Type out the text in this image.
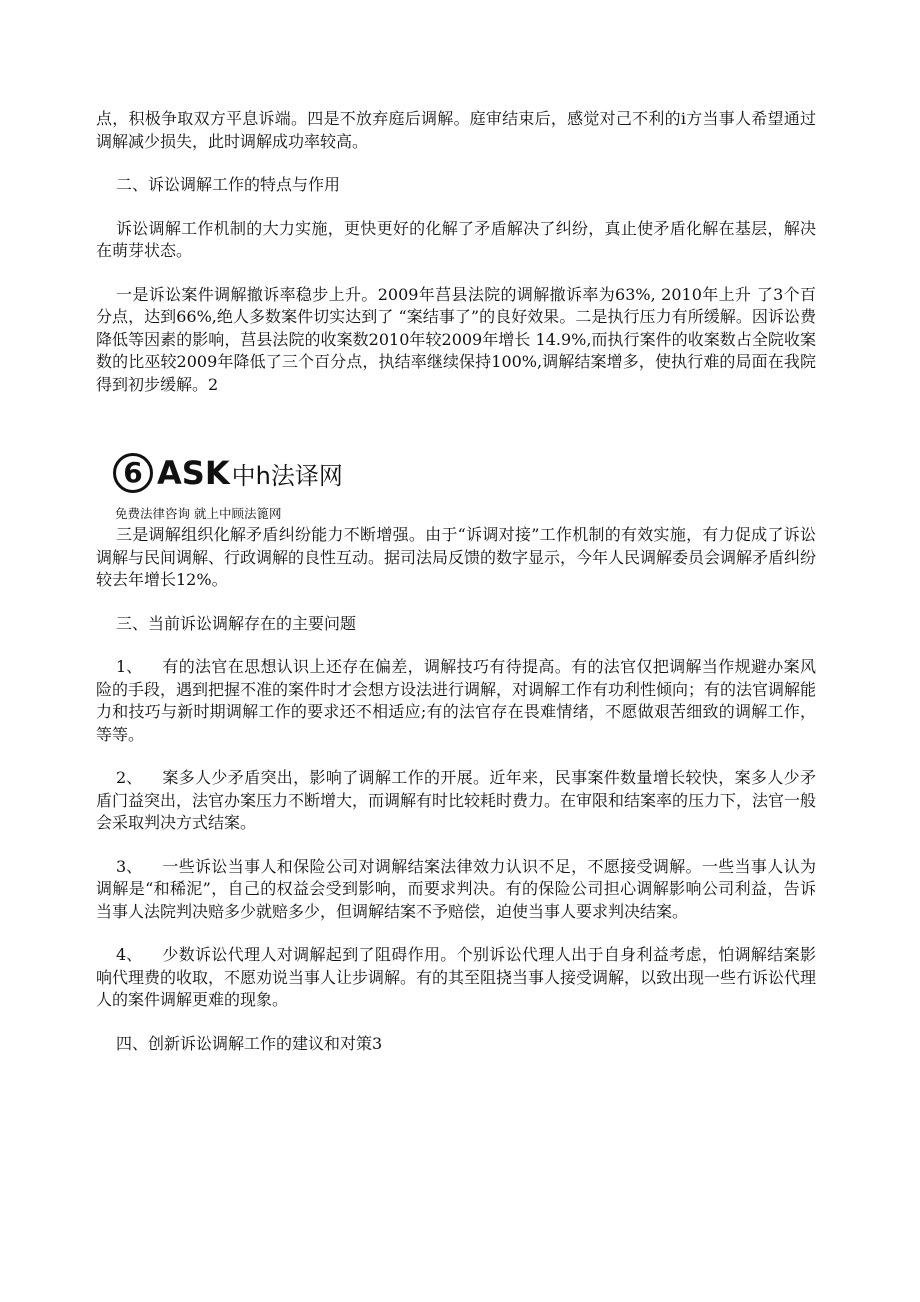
点，积极争取双方平息诉端。四是不放弃庭后调解。庭审结束后，感觉对己不利的i方当事人希望通过调解减少损失，此时调解成功率较高。

二、诉讼调解工作的特点与作用

诉讼调解工作机制的大力实施，更快更好的化解了矛盾解决了纠纷，真止使矛盾化解在基层，解决在萌芽状态。

一是诉讼案件调解撤诉率稳步上升。2009年莒县法院的调解撤诉率为63%, 2010年上升 了3个百分点，达到66%,绝人多数案件切实达到了 “案结事了”的良好效果。二是执行压力有所缓解。因诉讼费降低等因素的影响，莒县法院的收案数2010年较2009年增长 14.9%,而执行案件的收案数占全院收案数的比巫较2009年降低了三个百分点，执结率继续保持100%,调解结案增多，使执行难的局面在我院得到初步缓解。2

三是调解组织化解矛盾纠纷能力不断增强。由于“诉调对接”工作机制的有效实施，有力促成了诉讼调解与民间调解、行政调解的良性互动。据司法局反馈的数字显示，今年人民调解委员会调解矛盾纠纷较去年增长12%。

三、当前诉讼调解存在的主要问题

1、 有的法官在思想认识上还存在偏差，调解技巧有待提高。有的法官仅把调解当作规避办案风险的手段，遇到把握不准的案件时才会想方设法进行调解，对调解工作有功利性倾向；有的法官调解能力和技巧与新时期调解工作的要求还不相适应;有的法官存在畏难情绪，不愿做艰苦细致的调解工作，等等。

2、 案多人少矛盾突出，影响了调解工作的开展。近年来，民事案件数量增长较快，案多人少矛盾门益突出，法官办案压力不断增大，而调解有时比较耗时费力。在审限和结案率的压力下，法官一般会采取判决方式结案。

3、 一些诉讼当事人和保险公司对调解结案法律效力认识不足，不愿接受调解。一些当事人认为调解是“和稀泥”，自己的权益会受到影响，而要求判决。有的保险公司担心调解影响公司利益，告诉当事人法院判决赔多少就赔多少，但调解结案不予赔偿，迫使当事人要求判决结案。

4、 少数诉讼代理人对调解起到了阻碍作用。个别诉讼代理人出于自身利益考虑，怕调解结案影响代理费的收取，不愿劝说当事人让步调解。有的其至阻挠当事人接受调解，以致出现一些冇诉讼代理人的案件调解更难的现象。

四、创新诉讼调解工作的建议和对策3

6 ASK 中h法译网
免费法律咨询 就上中顾法篦网
